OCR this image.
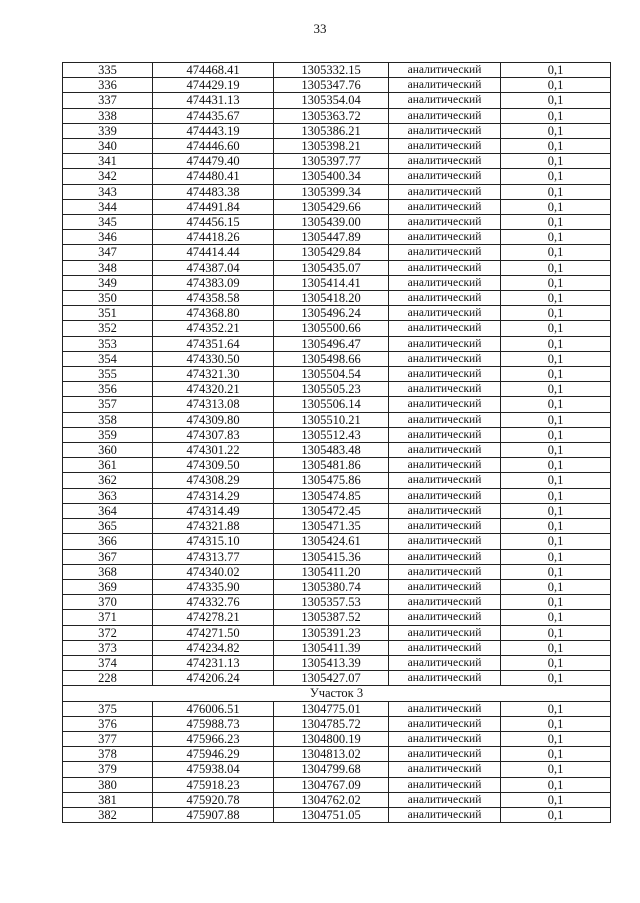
33
335	474468.41	1305332.15	аналитический	0,1
336	474429.19	1305347.76	аналитический	0,1
337	474431.13	1305354.04	аналитический	0,1
338	474435.67	1305363.72	аналитический	0,1
339	474443.19	1305386.21	аналитический	0,1
340	474446.60	1305398.21	аналитический	0,1
341	474479.40	1305397.77	аналитический	0,1
342	474480.41	1305400.34	аналитический	0,1
343	474483.38	1305399.34	аналитический	0,1
344	474491.84	1305429.66	аналитический	0,1
345	474456.15	1305439.00	аналитический	0,1
346	474418.26	1305447.89	аналитический	0,1
347	474414.44	1305429.84	аналитический	0,1
348	474387.04	1305435.07	аналитический	0,1
349	474383.09	1305414.41	аналитический	0,1
350	474358.58	1305418.20	аналитический	0,1
351	474368.80	1305496.24	аналитический	0,1
352	474352.21	1305500.66	аналитический	0,1
353	474351.64	1305496.47	аналитический	0,1
354	474330.50	1305498.66	аналитический	0,1
355	474321.30	1305504.54	аналитический	0,1
356	474320.21	1305505.23	аналитический	0,1
357	474313.08	1305506.14	аналитический	0,1
358	474309.80	1305510.21	аналитический	0,1
359	474307.83	1305512.43	аналитический	0,1
360	474301.22	1305483.48	аналитический	0,1
361	474309.50	1305481.86	аналитический	0,1
362	474308.29	1305475.86	аналитический	0,1
363	474314.29	1305474.85	аналитический	0,1
364	474314.49	1305472.45	аналитический	0,1
365	474321.88	1305471.35	аналитический	0,1
366	474315.10	1305424.61	аналитический	0,1
367	474313.77	1305415.36	аналитический	0,1
368	474340.02	1305411.20	аналитический	0,1
369	474335.90	1305380.74	аналитический	0,1
370	474332.76	1305357.53	аналитический	0,1
371	474278.21	1305387.52	аналитический	0,1
372	474271.50	1305391.23	аналитический	0,1
373	474234.82	1305411.39	аналитический	0,1
374	474231.13	1305413.39	аналитический	0,1
228	474206.24	1305427.07	аналитический	0,1
Участок 3				
375	476006.51	1304775.01	аналитический	0,1
376	475988.73	1304785.72	аналитический	0,1
377	475966.23	1304800.19	аналитический	0,1
378	475946.29	1304813.02	аналитический	0,1
379	475938.04	1304799.68	аналитический	0,1
380	475918.23	1304767.09	аналитический	0,1
381	475920.78	1304762.02	аналитический	0,1
382	475907.88	1304751.05	аналитический	0,1
